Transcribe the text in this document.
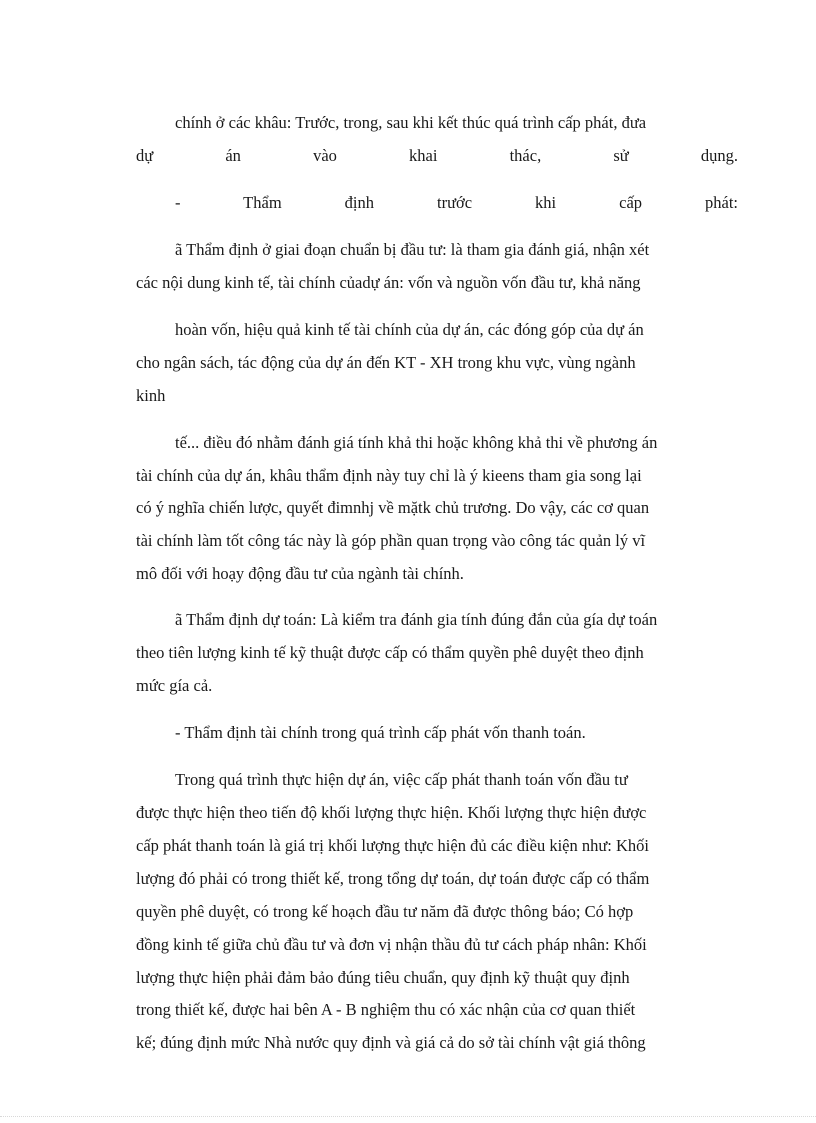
chính ở các khâu: Trước, trong, sau khi kết thúc quá trình cấp phát, đưa
dự án vào khai thác, sử dụng.
- Thẩm định trước khi cấp phát:
ã Thẩm định ở giai đoạn chuẩn bị đầu tư: là tham gia đánh giá, nhận xét
các nội dung kinh tế, tài chính củadự án: vốn và nguồn vốn đầu tư, khả năng
hoàn vốn, hiệu quả kinh tế tài chính của dự án, các đóng góp của dự án
cho ngân sách, tác động của dự án đến KT - XH trong khu vực, vùng ngành
kinh
tế... điều đó nhằm đánh giá tính khả thi hoặc không khả thi về phương án
tài chính của dự án, khâu thẩm định này tuy chỉ là ý kieens tham gia song lại
có ý nghĩa chiến lược, quyết đimnhj về mặtk chủ trương. Do vậy, các cơ quan
tài chính làm tốt công tác này là góp phần quan trọng vào công tác quản lý vĩ
mô đối với hoạy động đầu tư của ngành tài chính.
ã Thẩm định dự toán: Là kiểm tra đánh gia tính đúng đắn của gía dự toán
theo tiên lượng kinh tế kỹ thuật được cấp có thẩm quyền phê duyệt theo định
mức gía cả.
- Thẩm định tài chính trong quá trình cấp phát vốn thanh toán.
Trong quá trình thực hiện dự án, việc cấp phát thanh toán vốn đầu tư
được thực hiện theo tiến độ khối lượng thực hiện. Khối lượng thực hiện được
cấp phát thanh toán là giá trị khối lượng thực hiện đủ các điều kiện như: Khối
lượng đó phải có trong thiết kế, trong tổng dự toán, dự toán được cấp có thẩm
quyền phê duyệt, có trong kế hoạch đầu tư năm đã được thông báo; Có hợp
đồng kinh tế giữa chủ đầu tư và đơn vị nhận thầu đủ tư cách pháp nhân: Khối
lượng thực hiện phải đảm bảo đúng tiêu chuẩn, quy định kỹ thuật quy định
trong thiết kế, được hai bên A - B nghiệm thu có xác nhận của cơ quan thiết
kế; đúng định mức Nhà nước quy định và giá cả do sở tài chính vật giá thông
